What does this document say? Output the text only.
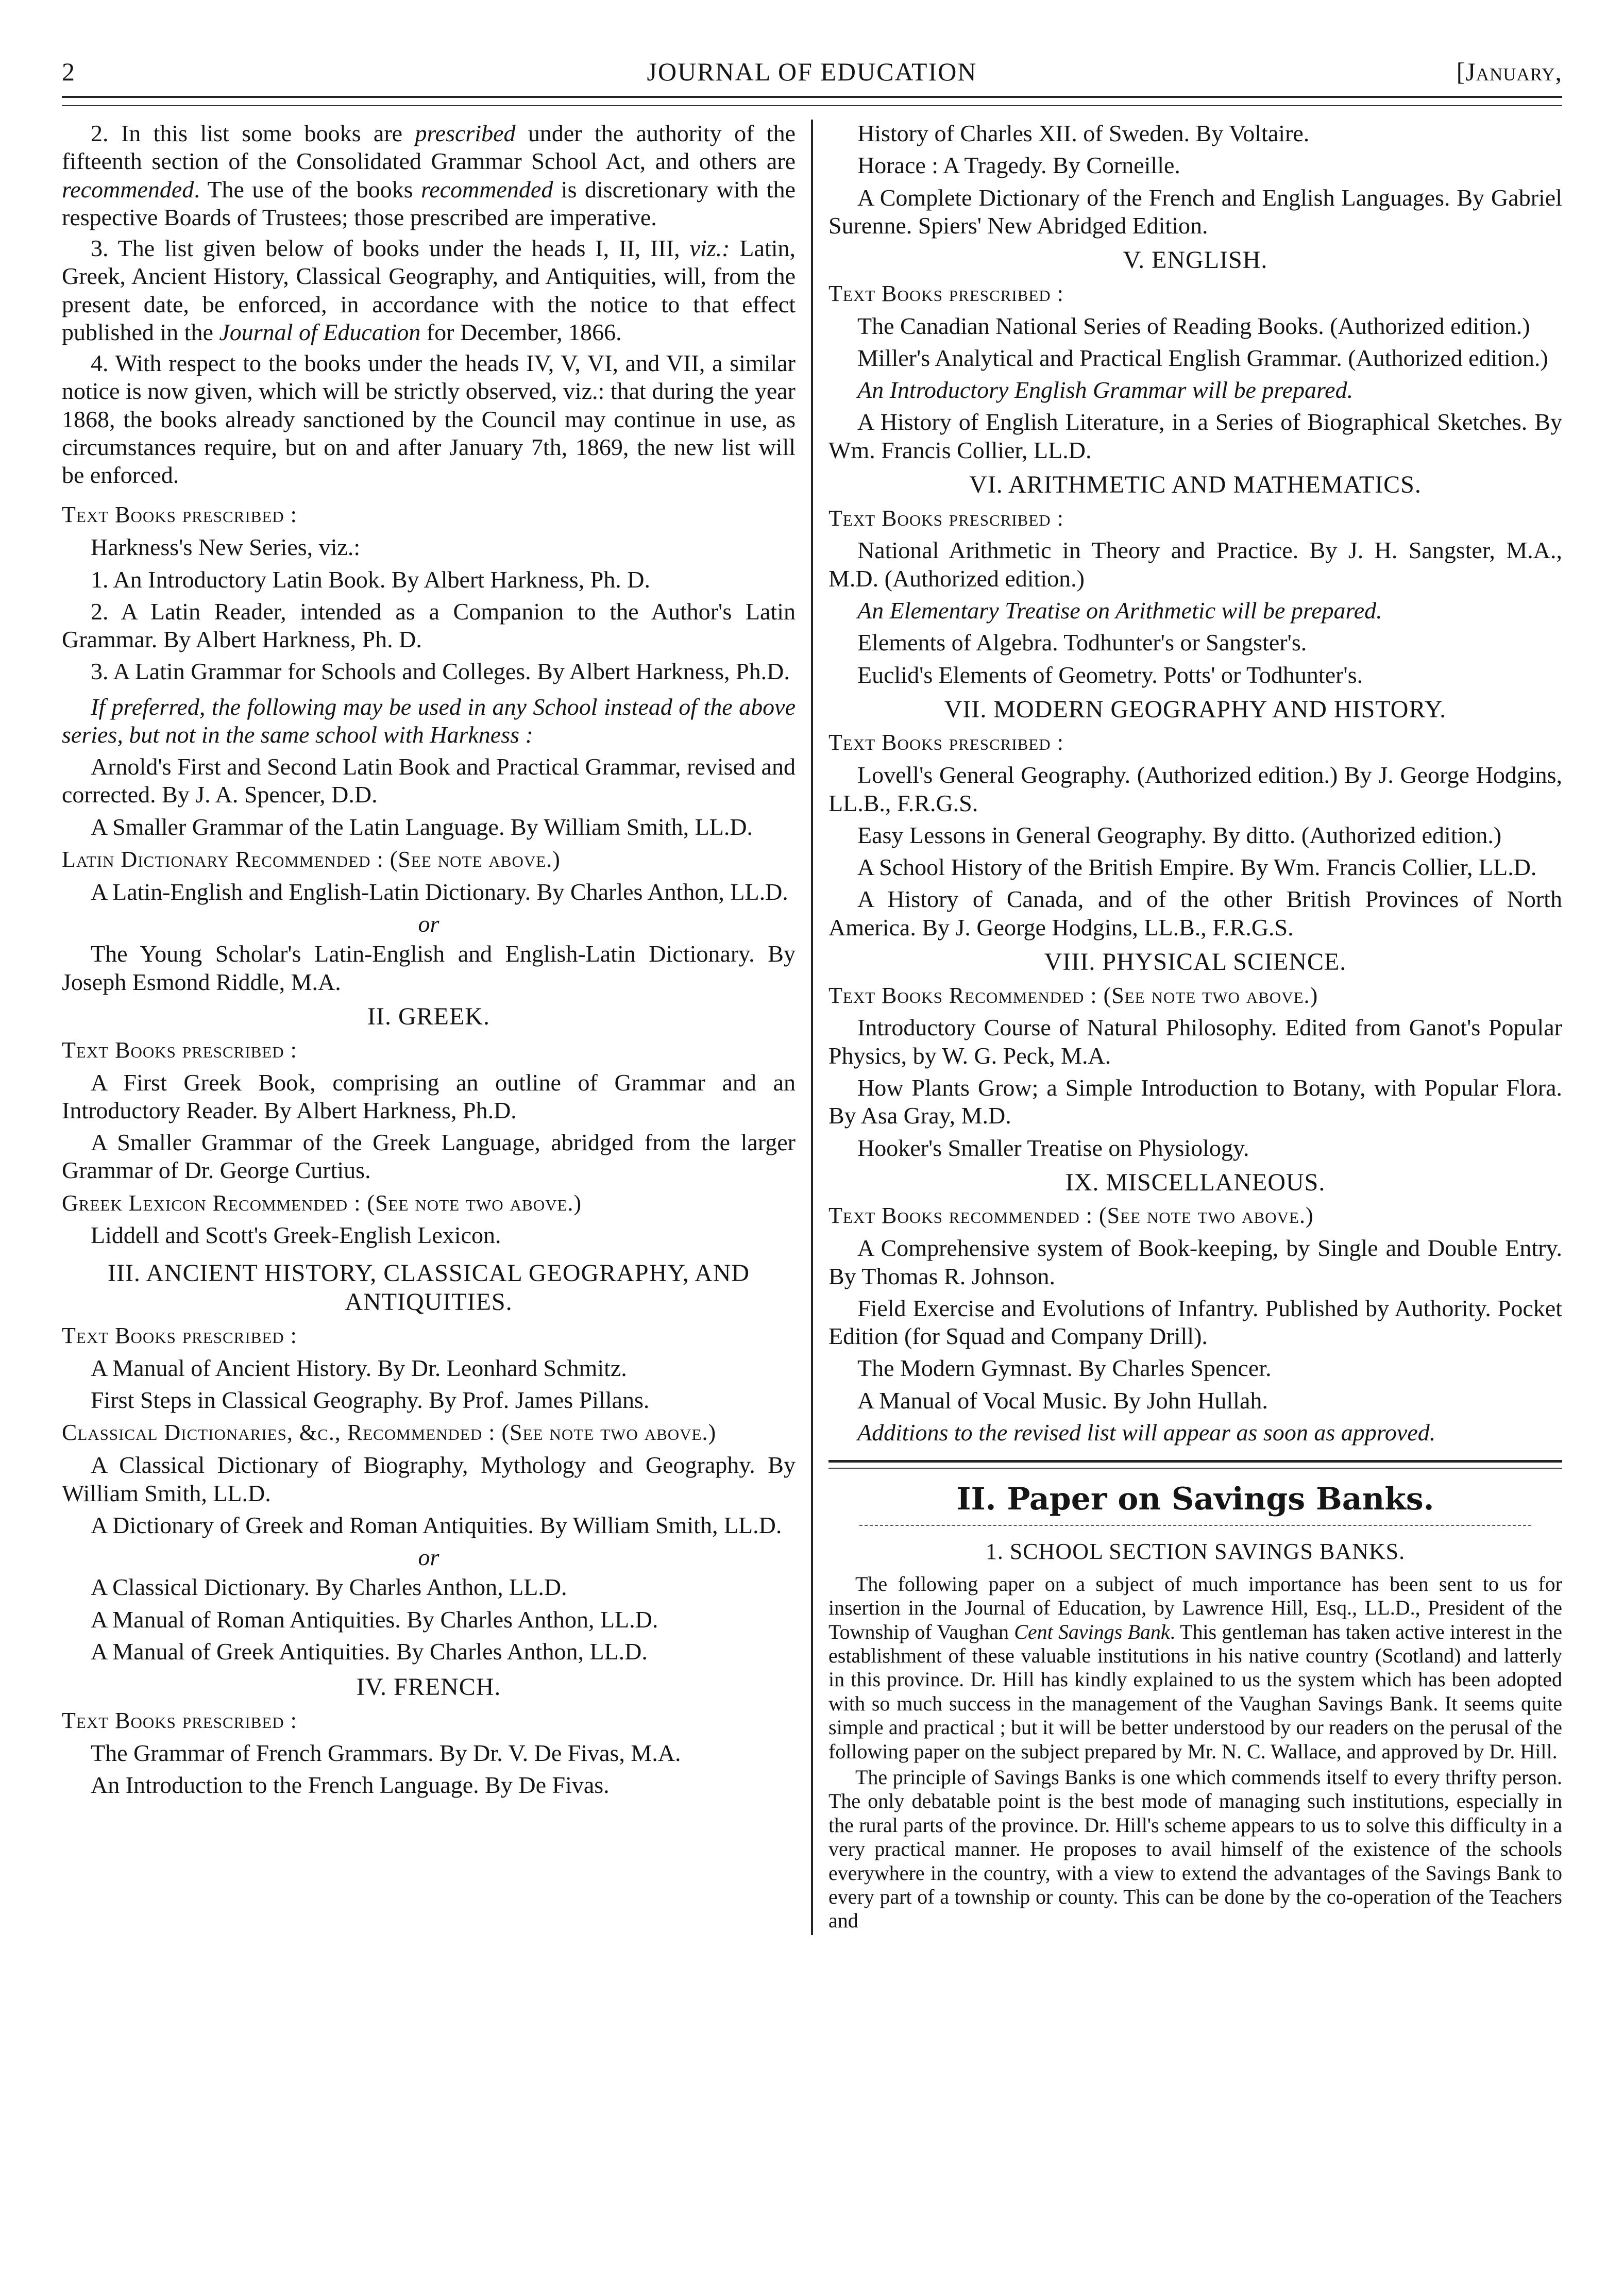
2	JOURNAL OF EDUCATION	[January,

2. In this list some books are prescribed under the authority of the fifteenth section of the Consolidated Grammar School Act, and others are recommended. The use of the books recommended is discretionary with the respective Boards of Trustees; those prescribed are imperative.

3. The list given below of books under the heads I, II, III, viz.: Latin, Greek, Ancient History, Classical Geography, and Antiquities, will, from the present date, be enforced, in accordance with the notice to that effect published in the Journal of Education for December, 1866.

4. With respect to the books under the heads IV, V, VI, and VII, a similar notice is now given, which will be strictly observed, viz.: that during the year 1868, the books already sanctioned by the Council may continue in use, as circumstances require, but on and after January 7th, 1869, the new list will be enforced.

Text Books prescribed :

Harkness's New Series, viz.:

1. An Introductory Latin Book. By Albert Harkness, Ph. D.

2. A Latin Reader, intended as a Companion to the Author's Latin Grammar. By Albert Harkness, Ph. D.

3. A Latin Grammar for Schools and Colleges. By Albert Harkness, Ph.D.

If preferred, the following may be used in any School instead of the above series, but not in the same school with Harkness :

Arnold's First and Second Latin Book and Practical Grammar, revised and corrected. By J. A. Spencer, D.D.

A Smaller Grammar of the Latin Language. By William Smith, LL.D.

Latin Dictionary Recommended : (See note above.)

A Latin-English and English-Latin Dictionary. By Charles Anthon, LL.D.

or

The Young Scholar's Latin-English and English-Latin Dictionary. By Joseph Esmond Riddle, M.A.

II. GREEK.
Text Books prescribed :

A First Greek Book, comprising an outline of Grammar and an Introductory Reader. By Albert Harkness, Ph.D.

A Smaller Grammar of the Greek Language, abridged from the larger Grammar of Dr. George Curtius.

Greek Lexicon Recommended : (See note two above.)

Liddell and Scott's Greek-English Lexicon.

III. ANCIENT HISTORY, CLASSICAL GEOGRAPHY, AND ANTIQUITIES.
Text Books prescribed :

A Manual of Ancient History. By Dr. Leonhard Schmitz.

First Steps in Classical Geography. By Prof. James Pillans.

Classical Dictionaries, &c., Recommended : (See note two above.)

A Classical Dictionary of Biography, Mythology and Geography. By William Smith, LL.D.

A Dictionary of Greek and Roman Antiquities. By William Smith, LL.D.

or

A Classical Dictionary. By Charles Anthon, LL.D.

A Manual of Roman Antiquities. By Charles Anthon, LL.D.

A Manual of Greek Antiquities. By Charles Anthon, LL.D.

IV. FRENCH.
Text Books prescribed :

The Grammar of French Grammars. By Dr. V. De Fivas, M.A.

An Introduction to the French Language. By De Fivas.

History of Charles XII. of Sweden. By Voltaire.

Horace : A Tragedy. By Corneille.

A Complete Dictionary of the French and English Languages. By Gabriel Surenne. Spiers' New Abridged Edition.

V. ENGLISH.
Text Books prescribed :

The Canadian National Series of Reading Books. (Authorized edition.)

Miller's Analytical and Practical English Grammar. (Authorized edition.)

An Introductory English Grammar will be prepared.

A History of English Literature, in a Series of Biographical Sketches. By Wm. Francis Collier, LL.D.

VI. ARITHMETIC AND MATHEMATICS.
Text Books prescribed :

National Arithmetic in Theory and Practice. By J. H. Sangster, M.A., M.D. (Authorized edition.)

An Elementary Treatise on Arithmetic will be prepared.

Elements of Algebra. Todhunter's or Sangster's.

Euclid's Elements of Geometry. Potts' or Todhunter's.

VII. MODERN GEOGRAPHY AND HISTORY.
Text Books prescribed :

Lovell's General Geography. (Authorized edition.) By J. George Hodgins, LL.B., F.R.G.S.

Easy Lessons in General Geography. By ditto. (Authorized edition.)

A School History of the British Empire. By Wm. Francis Collier, LL.D.

A History of Canada, and of the other British Provinces of North America. By J. George Hodgins, LL.B., F.R.G.S.

VIII. PHYSICAL SCIENCE.
Text Books Recommended : (See note two above.)

Introductory Course of Natural Philosophy. Edited from Ganot's Popular Physics, by W. G. Peck, M.A.

How Plants Grow; a Simple Introduction to Botany, with Popular Flora. By Asa Gray, M.D.

Hooker's Smaller Treatise on Physiology.

IX. MISCELLANEOUS.
Text Books recommended : (See note two above.)

A Comprehensive system of Book-keeping, by Single and Double Entry. By Thomas R. Johnson.

Field Exercise and Evolutions of Infantry. Published by Authority. Pocket Edition (for Squad and Company Drill).

The Modern Gymnast. By Charles Spencer.

A Manual of Vocal Music. By John Hullah.

Additions to the revised list will appear as soon as approved.

II. Paper on Savings Banks.
1. SCHOOL SECTION SAVINGS BANKS.

The following paper on a subject of much importance has been sent to us for insertion in the Journal of Education, by Lawrence Hill, Esq., LL.D., President of the Township of Vaughan Cent Savings Bank. This gentleman has taken active interest in the establishment of these valuable institutions in his native country (Scotland) and latterly in this province. Dr. Hill has kindly explained to us the system which has been adopted with so much success in the management of the Vaughan Savings Bank. It seems quite simple and practical ; but it will be better understood by our readers on the perusal of the following paper on the subject prepared by Mr. N. C. Wallace, and approved by Dr. Hill.

The principle of Savings Banks is one which commends itself to every thrifty person. The only debatable point is the best mode of managing such institutions, especially in the rural parts of the province. Dr. Hill's scheme appears to us to solve this difficulty in a very practical manner. He proposes to avail himself of the existence of the schools everywhere in the country, with a view to extend the advantages of the Savings Bank to every part of a township or county. This can be done by the co-operation of the Teachers and
